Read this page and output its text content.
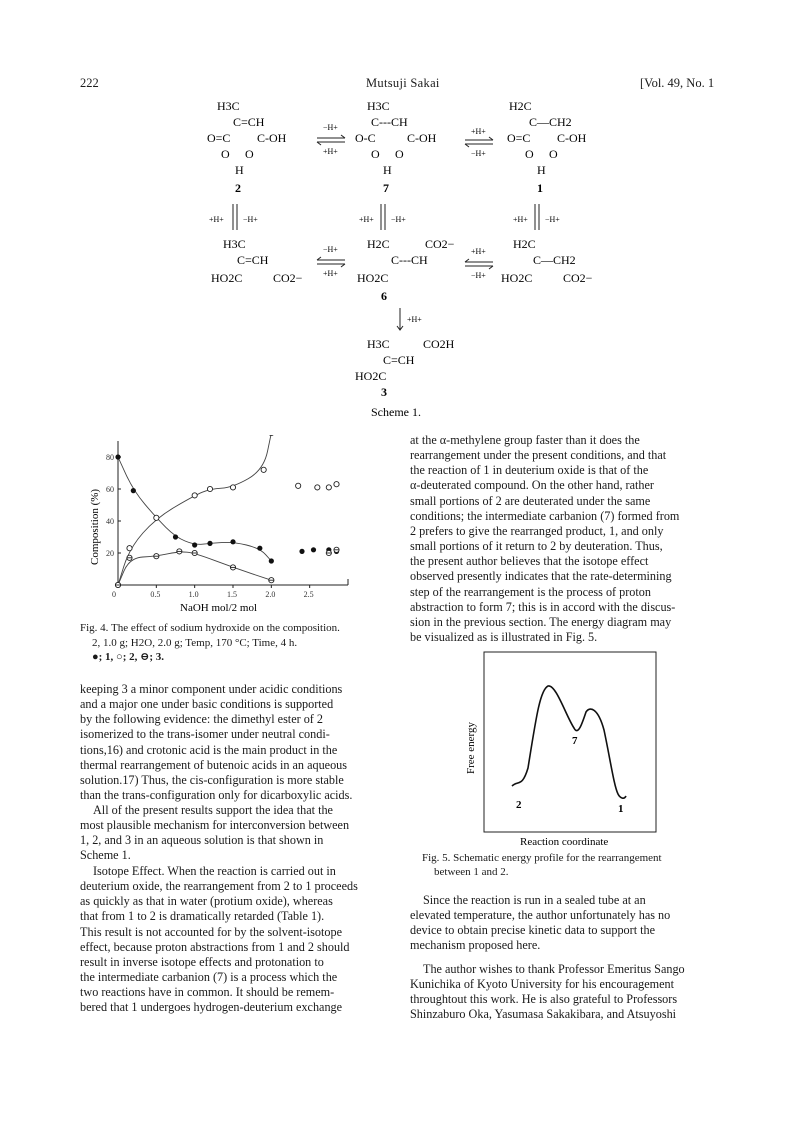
222	Mutsuji Sakai	[Vol. 49, No. 1
H3C
C=CH
O=C C-OH
O O
H
2
−H+
+H+
H3C
C---CH
O-C	C-OH
O O
H
7
+H+
−H+
H2C
C—CH2
O=C C-OH
O O
H
1
+H+ −H+	+H+ −H+	+H+ −H+
H3C
C=CH
HO2C	CO2−
−H+
+H+
H2C	CO2−
C---CH
HO2C
6
+H+
−H+
H2C
C—CH2
HO2C	CO2−
+H+
H3C	CO2H
C=CH
HO2C
3
Scheme 1.
0	0.5	1.0	1.5	2.0	2.5
20
40
60
80
Composition (%)
NaOH mol/2 mol
Fig. 4. The effect of sodium hydroxide on the composition.
2, 1.0 g; H2O, 2.0 g; Temp, 170 °C; Time, 4 h.
●; 1, ○; 2, ⊖; 3.
at the α-methylene group faster than it does the
rearrangement under the present conditions, and that
the reaction of 1 in deuterium oxide is that of the
α-deuterated compound. On the other hand, rather
small portions of 2 are deuterated under the same
conditions; the intermediate carbanion (7) formed from
2 prefers to give the rearranged product, 1, and only
small portions of it return to 2 by deuteration. Thus,
the present author believes that the isotope effect
observed presently indicates that the rate-determining
step of the rearrangement is the process of proton
abstraction to form 7; this is in accord with the discus-
sion in the previous section. The energy diagram may
be visualized as is illustrated in Fig. 5.
2
7
1
Free energy
Reaction coordinate
Fig. 5. Schematic energy profile for the rearrangement
between 1 and 2.
Since the reaction is run in a sealed tube at an
elevated temperature, the author unfortunately has no
device to obtain precise kinetic data to support the
mechanism proposed here.
The author wishes to thank Professor Emeritus Sango
Kunichika of Kyoto University for his encouragement
throughtout this work. He is also grateful to Professors
Shinzaburo Oka, Yasumasa Sakakibara, and Atsuyoshi
keeping 3 a minor component under acidic conditions
and a major one under basic conditions is supported
by the following evidence: the dimethyl ester of 2
isomerized to the trans-isomer under neutral condi-
tions,16) and crotonic acid is the main product in the
thermal rearrangement of butenoic acids in an aqueous
solution.17) Thus, the cis-configuration is more stable
than the trans-configuration only for dicarboxylic acids.
All of the present results support the idea that the
most plausible mechanism for interconversion between
1, 2, and 3 in an aqueous solution is that shown in
Scheme 1.
Isotope Effect. When the reaction is carried out in
deuterium oxide, the rearrangement from 2 to 1 proceeds
as quickly as that in water (protium oxide), whereas
that from 1 to 2 is dramatically retarded (Table 1).
This result is not accounted for by the solvent-isotope
effect, because proton abstractions from 1 and 2 should
result in inverse isotope effects and protonation to
the intermediate carbanion (7) is a process which the
two reactions have in common. It should be remem-
bered that 1 undergoes hydrogen-deuterium exchange
